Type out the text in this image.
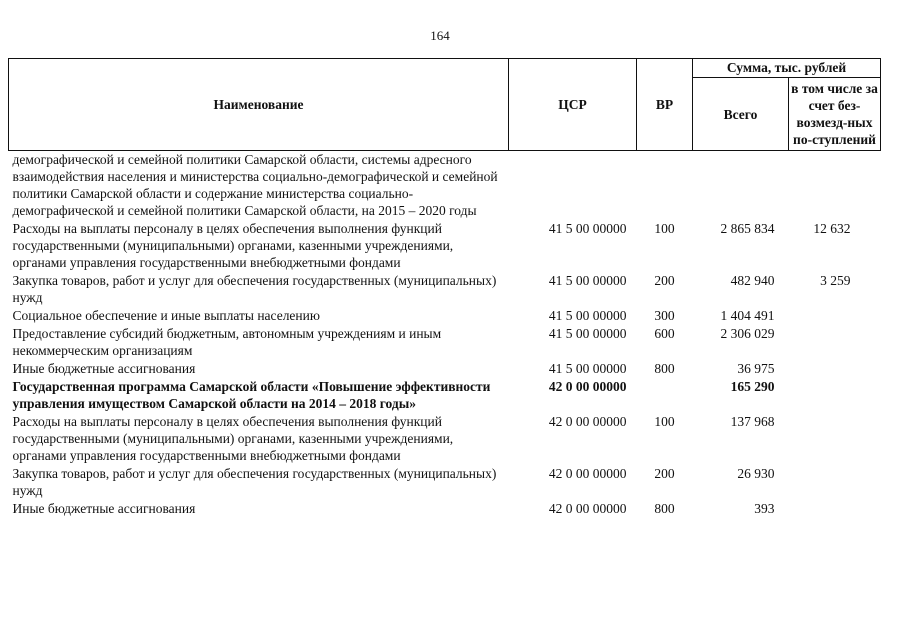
164
Наименование	ЦСР	ВР	Сумма, тыс. рублей	
			Всего	в том числе за счет без-возмезд-ных по-ступлений
демографической и семейной политики Самарской области, системы адресного взаимодействия населения и министерства социально-демографической и семейной политики Самарской области и содержание министерства социально-демографической и семейной политики Самарской области, на 2015 – 2020 годы				
Расходы на выплаты персоналу в целях обеспечения выполнения функций государственными (муниципальными) органами, казенными учреждениями, органами управления государственными внебюджетными фондами	41 5 00 00000	100	2 865 834	12 632
Закупка товаров, работ и услуг для обеспечения государственных (муниципальных) нужд	41 5 00 00000	200	482 940	3 259
Социальное обеспечение и иные выплаты населению	41 5 00 00000	300	1 404 491	
Предоставление субсидий бюджетным, автономным учреждениям и иным некоммерческим организациям	41 5 00 00000	600	2 306 029	
Иные бюджетные ассигнования	41 5 00 00000	800	36 975	
Государственная программа Самарской области «Повышение эффективности управления имуществом Самарской области на 2014 – 2018 годы»	42 0 00 00000		165 290	
Расходы на выплаты персоналу в целях обеспечения выполнения функций государственными (муниципальными) органами, казенными учреждениями, органами управления государственными внебюджетными фондами	42 0 00 00000	100	137 968	
Закупка товаров, работ и услуг для обеспечения государственных (муниципальных) нужд	42 0 00 00000	200	26 930	
Иные бюджетные ассигнования	42 0 00 00000	800	393	
